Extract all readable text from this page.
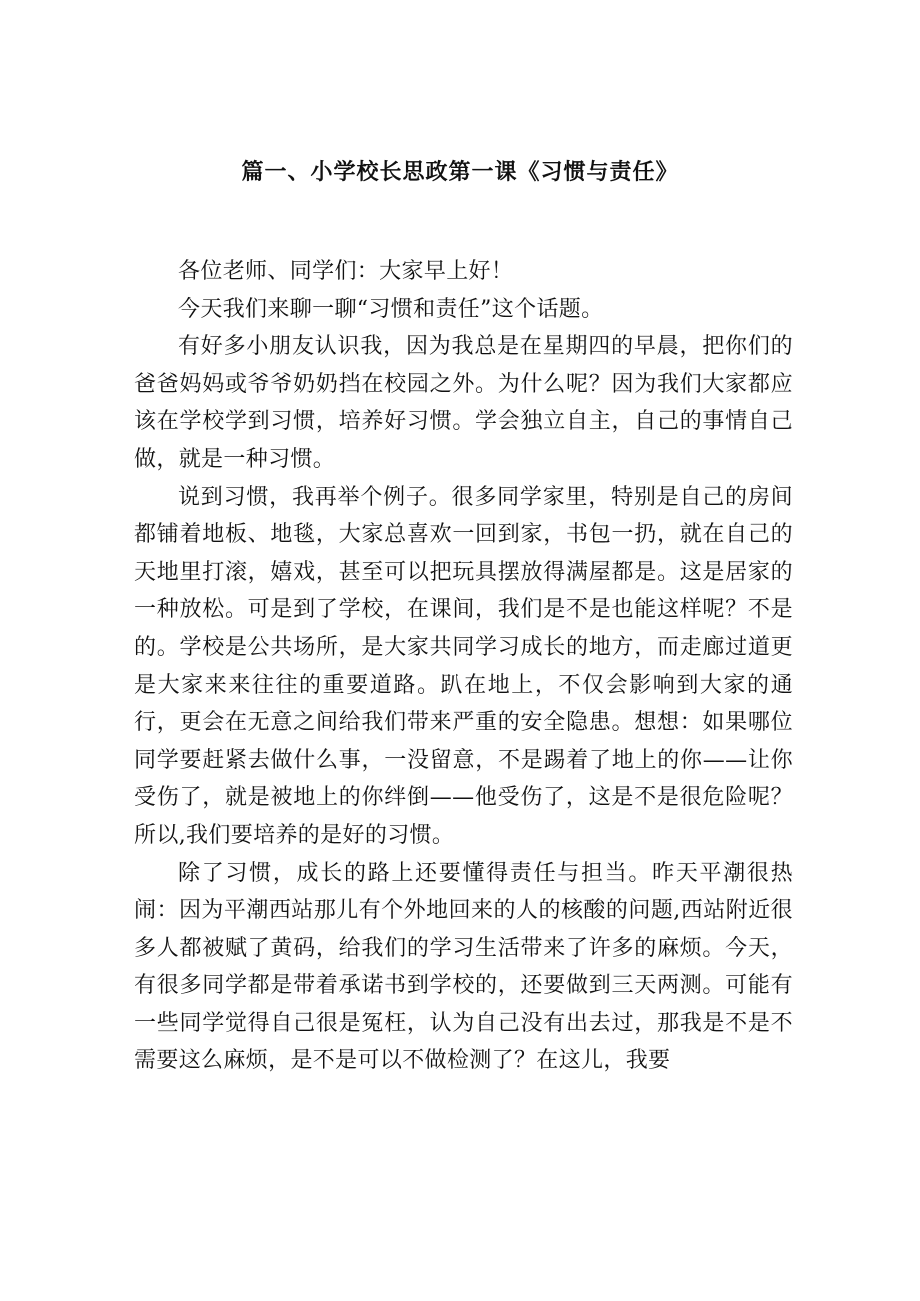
篇一、小学校长思政第一课《习惯与责任》

各位老师、同学们：大家早上好！

今天我们来聊一聊“习惯和责任”这个话题。

有好多小朋友认识我，因为我总是在星期四的早晨，把你们的爸爸妈妈或爷爷奶奶挡在校园之外。为什么呢？因为我们大家都应该在学校学到习惯，培养好习惯。学会独立自主，自己的事情自己做，就是一种习惯。

说到习惯，我再举个例子。很多同学家里，特别是自己的房间都铺着地板、地毯，大家总喜欢一回到家，书包一扔，就在自己的天地里打滚，嬉戏，甚至可以把玩具摆放得满屋都是。这是居家的一种放松。可是到了学校，在课间，我们是不是也能这样呢？不是的。学校是公共场所，是大家共同学习成长的地方，而走廊过道更是大家来来往往的重要道路。趴在地上，不仅会影响到大家的通行，更会在无意之间给我们带来严重的安全隐患。想想：如果哪位同学要赶紧去做什么事，一没留意，不是踢着了地上的你——让你受伤了，就是被地上的你绊倒——他受伤了，这是不是很危险呢？所以,我们要培养的是好的习惯。

除了习惯，成长的路上还要懂得责任与担当。昨天平潮很热闹：因为平潮西站那儿有个外地回来的人的核酸的问题,西站附近很多人都被赋了黄码，给我们的学习生活带来了许多的麻烦。今天，有很多同学都是带着承诺书到学校的，还要做到三天两测。可能有一些同学觉得自己很是冤枉，认为自己没有出去过，那我是不是不需要这么麻烦，是不是可以不做检测了？在这儿，我要
